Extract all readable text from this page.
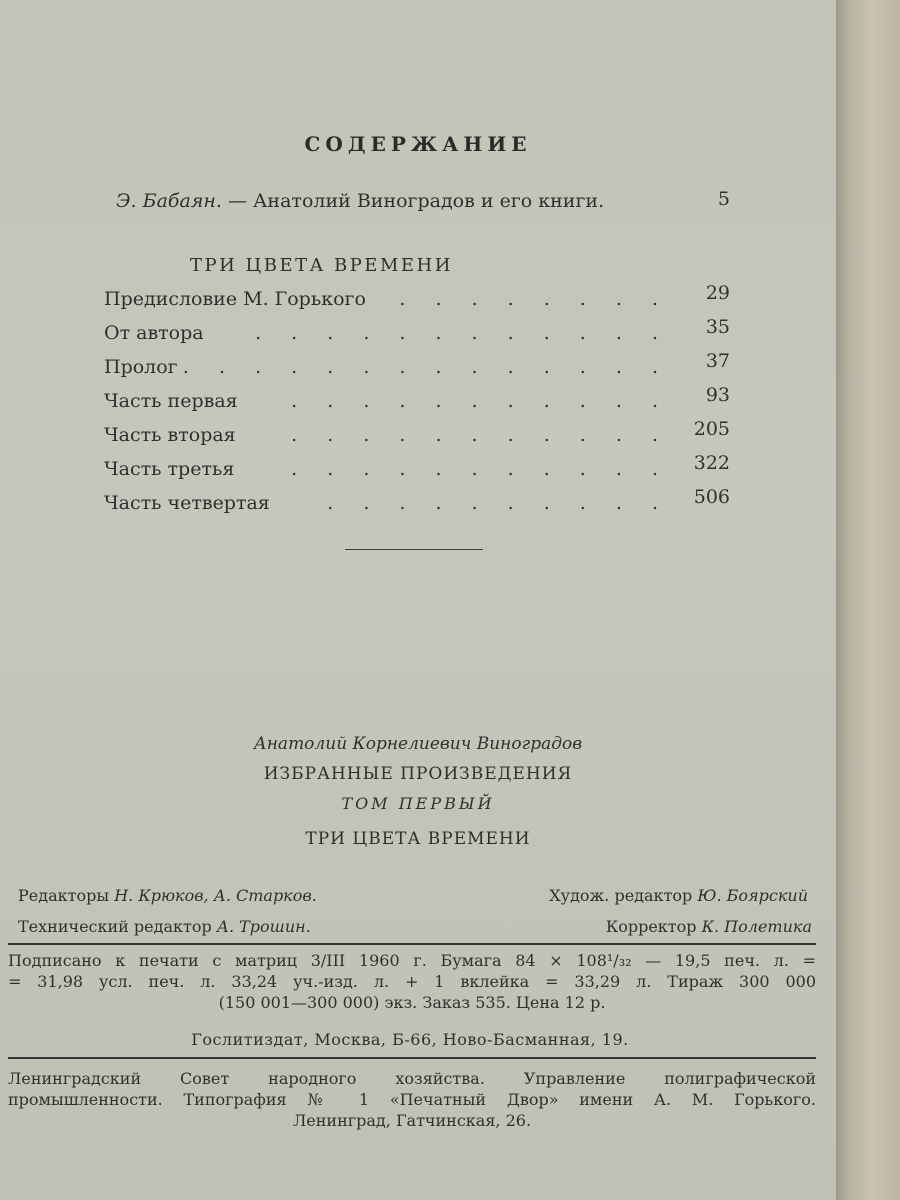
СОДЕРЖАНИЕ
Э. Бабаян. — Анатолий Виноградов и его книги.	5
ТРИ ЦВЕТА ВРЕМЕНИ
Предисловие М. Горького . . . . . . . .	29
От автора	. . . . . . . . . . . .	35
Пролог . . . . . . . . . . . . . .	37
Часть первая	. . . . . . . . . . .	93
Часть вторая	. . . . . . . . . . .	205
Часть третья	. . . . . . . . . . .	322
Часть четвертая	. . . . . . . . . .	506
Анатолий Корнелиевич Виноградов
ИЗБРАННЫЕ ПРОИЗВЕДЕНИЯ
ТОМ ПЕРВЫЙ
ТРИ ЦВЕТА ВРЕМЕНИ
Редакторы Н. Крюков, А. Старков.	Худож. редактор Ю. Боярский
Технический редактор А. Трошин.	Корректор К. Полетика
Подписано к печати с матриц 3/III 1960 г. Бумага 84 × 108¹/₃₂ — 19,5 печ. л. =
= 31,98 усл. печ. л. 33,24 уч.-изд. л. + 1 вклейка = 33,29 л. Тираж 300 000
(150 001—300 000) экз. Заказ 535. Цена 12 р.
Гослитиздат, Москва, Б-66, Ново-Басманная, 19.
Ленинградский Совет народного хозяйства. Управление полиграфической
промышленности. Типография № 1 «Печатный Двор» имени А. М. Горького.
Ленинград, Гатчинская, 26.
